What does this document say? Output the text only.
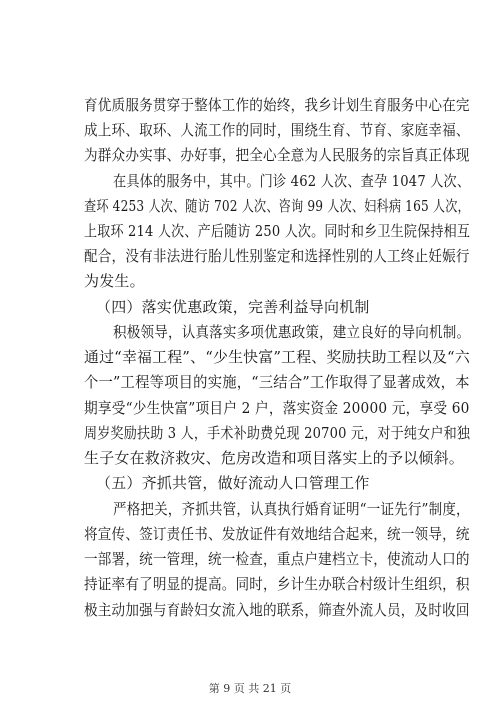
育优质服务贯穿于整体工作的始终，我乡计划生育服务中心在完
成上环、取环、人流工作的同时，围绕生育、节育、家庭幸福、
为群众办实事、办好事，把全心全意为人民服务的宗旨真正体现
在具体的服务中，其中。门诊 462 人次、查孕 1047 人次、
查环 4253 人次、随访 702 人次、咨询 99 人次、妇科病 165 人次，
上取环 214 人次、产后随访 250 人次。同时和乡卫生院保持相互
配合，没有非法进行胎儿性别鉴定和选择性别的人工终止妊娠行
为发生。
（四）落实优惠政策，完善利益导向机制
积极领导，认真落实多项优惠政策，建立良好的导向机制。
通过“幸福工程”、“少生快富”工程、奖励扶助工程以及“六
个一”工程等项目的实施，“三结合”工作取得了显著成效，本
期享受“少生快富”项目户 2 户，落实资金 20000 元，享受 60
周岁奖励扶助 3 人，手术补助费兑现 20700 元，对于纯女户和独
生子女在救济救灾、危房改造和项目落实上的予以倾斜。
（五）齐抓共管，做好流动人口管理工作
严格把关，齐抓共管，认真执行婚育证明“一证先行”制度，
将宣传、签订责任书、发放证件有效地结合起来，统一领导，统
一部署，统一管理，统一检查，重点户建档立卡，使流动人口的
持证率有了明显的提高。同时，乡计生办联合村级计生组织，积
极主动加强与育龄妇女流入地的联系，筛查外流人员，及时收回
第 9 页 共 21 页
